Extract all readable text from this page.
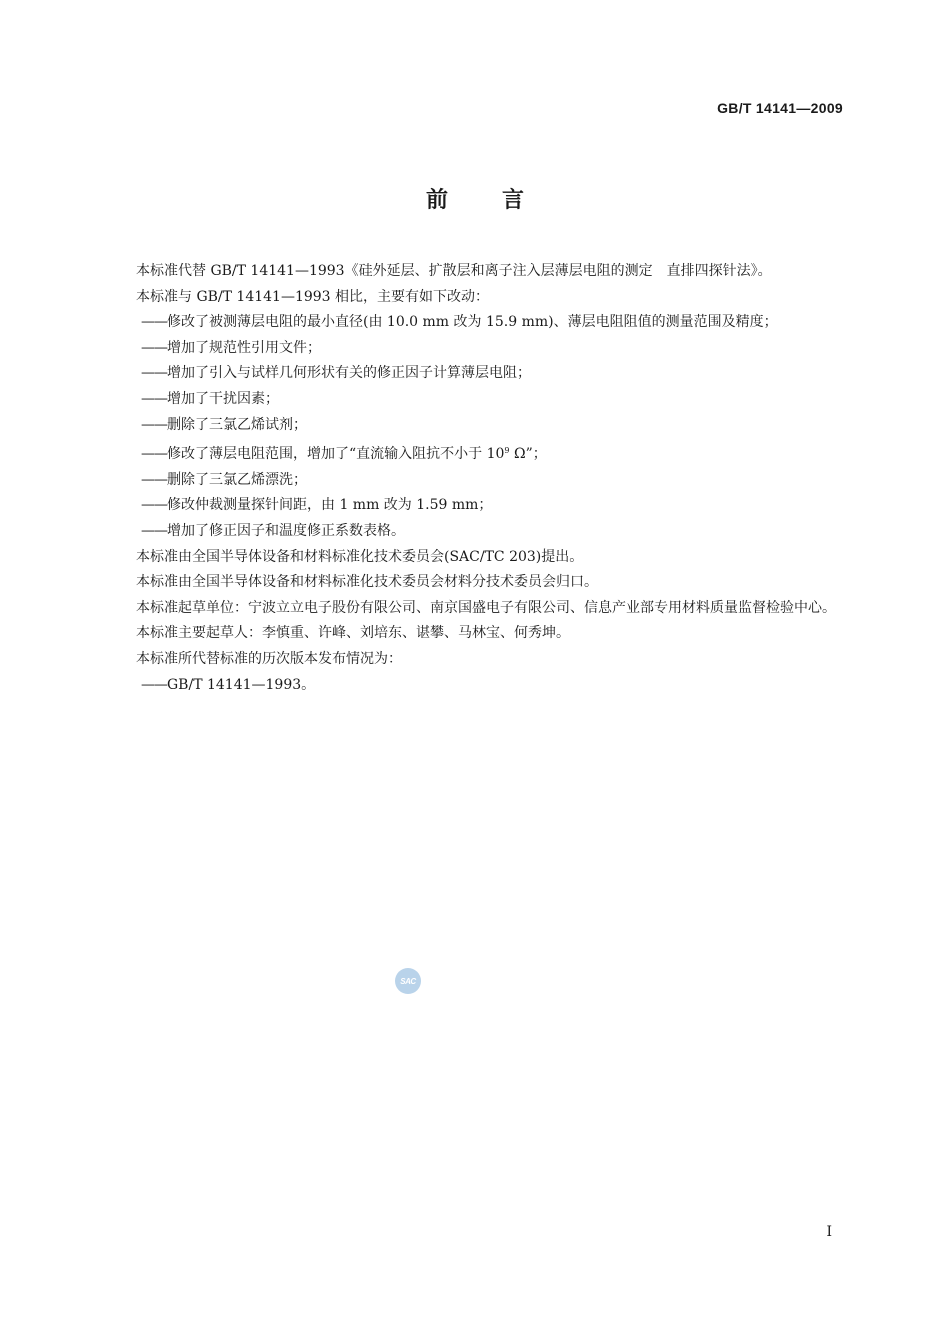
GB/T 14141—2009
前 言

本标准代替 GB/T 14141—1993《硅外延层、扩散层和离子注入层薄层电阻的测定　直排四探针法》。

本标准与 GB/T 14141—1993 相比，主要有如下改动：

——修改了被测薄层电阻的最小直径(由 10.0 mm 改为 15.9 mm)、薄层电阻阻值的测量范围及精度；

——增加了规范性引用文件；

——增加了引入与试样几何形状有关的修正因子计算薄层电阻；

——增加了干扰因素；

——删除了三氯乙烯试剂；

——修改了薄层电阻范围，增加了“直流输入阻抗不小于 $10^9$ Ω”；

——删除了三氯乙烯漂洗；

——修改仲裁测量探针间距，由 1 mm 改为 1.59 mm；

——增加了修正因子和温度修正系数表格。

本标准由全国半导体设备和材料标准化技术委员会(SAC/TC 203)提出。

本标准由全国半导体设备和材料标准化技术委员会材料分技术委员会归口。

本标准起草单位：宁波立立电子股份有限公司、南京国盛电子有限公司、信息产业部专用材料质量监督检验中心。

本标准主要起草人：李慎重、许峰、刘培东、谌攀、马林宝、何秀坤。

本标准所代替标准的历次版本发布情况为：

——GB/T 14141—1993。

SAC
I
